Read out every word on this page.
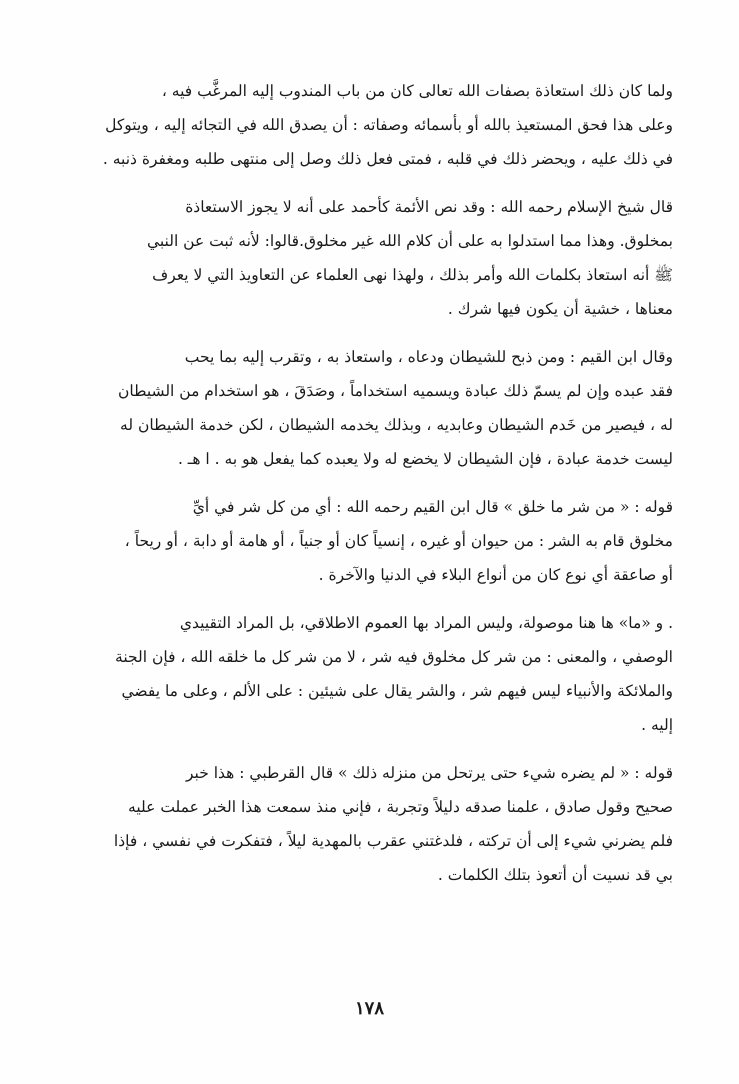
ولما كان ذلك استعاذة بصفات الله تعالى كان من باب المندوب إليه المرغَّب فيه ،

وعلى هذا فحق المستعيذ بالله أو بأسمائه وصفاته : أن يصدق الله في التجائه إليه ، ويتوكل

في ذلك عليه ، ويحضر ذلك في قلبه ، فمتى فعل ذلك وصل إلى منتهى طلبه ومغفرة ذنبه .

قال شيخ الإسلام رحمه الله : وقد نص الأئمة كأحمد على أنه لا يجوز الاستعاذة

بمخلوق. وهذا مما استدلوا به على أن كلام الله غير مخلوق.قالوا: لأنه ثبت عن النبي

ﷺ أنه استعاذ بكلمات الله وأمر بذلك ، ولهذا نهى العلماء عن التعاويذ التي لا يعرف

معناها ، خشية أن يكون فيها شرك .

وقال ابن القيم : ومن ذبح للشيطان ودعاه ، واستعاذ به ، وتقرب إليه بما يحب

فقد عبده وإن لم يسمّ ذلك عبادة ويسميه استخداماً ، وصَدَقَ ، هو استخدام من الشيطان

له ، فيصير من خَدم الشيطان وعابديه ، وبذلك يخدمه الشيطان ، لكن خدمة الشيطان له

ليست خدمة عبادة ، فإن الشيطان لا يخضع له ولا يعبده كما يفعل هو به . ا هـ .

قوله : « من شر ما خلق » قال ابن القيم رحمه الله : أي من كل شر في أيِّ

مخلوق قام به الشر : من حيوان أو غيره ، إنسياً كان أو جنياً ، أو هامة أو دابة ، أو ريحاً ،

أو صاعقة أي نوع كان من أنواع البلاء في الدنيا والآخرة .

. و «ما» ها هنا موصولة، وليس المراد بها العموم الاطلاقي، بل المراد التقييدي

الوصفي ، والمعنى : من شر كل مخلوق فيه شر ، لا من شر كل ما خلقه الله ، فإن الجنة

والملائكة والأنبياء ليس فيهم شر ، والشر يقال على شيئين : على الألم ، وعلى ما يفضي

إليه .

قوله : « لم يضره شيء حتى يرتحل من منزله ذلك » قال القرطبي : هذا خبر

صحيح وقول صادق ، علمنا صدقه دليلاً وتجربة ، فإني منذ سمعت هذا الخبر عملت عليه

فلم يضرني شيء إلى أن تركته ، فلدغتني عقرب بالمهدية ليلاً ، فتفكرت في نفسي ، فإذا

بي قد نسيت أن أتعوذ بتلك الكلمات .

١٧٨
